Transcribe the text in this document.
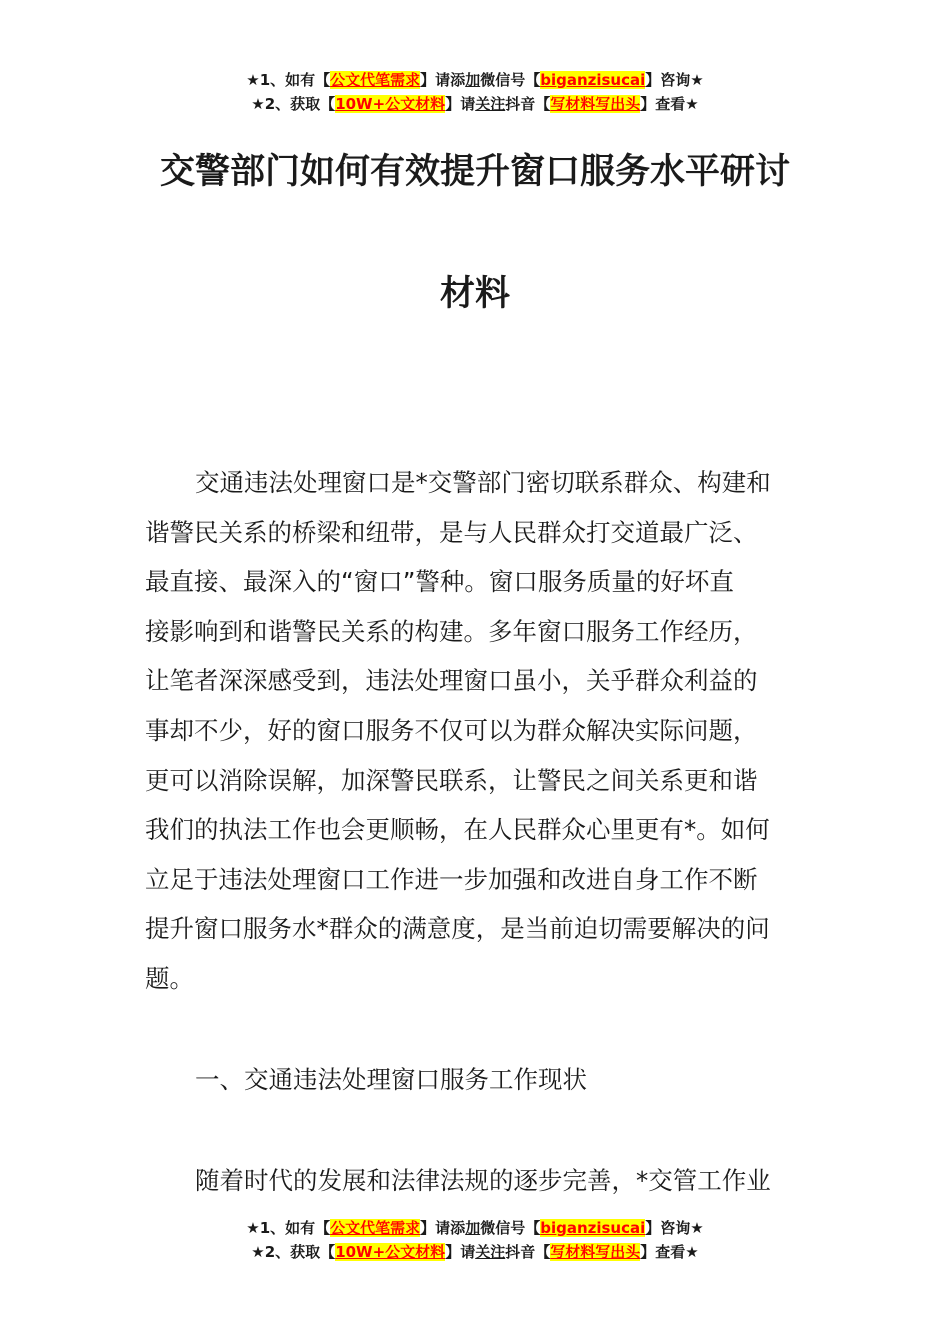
★1、如有【公文代笔需求】请添加微信号【biganzisucai】咨询★
★2、获取【10W+公文材料】请关注抖音【写材料写出头】查看★
交警部门如何有效提升窗口服务水平研讨
材料
交通违法处理窗口是*交警部门密切联系群众、构建和
谐警民关系的桥梁和纽带，是与人民群众打交道最广泛、
最直接、最深入的“窗口”警种。窗口服务质量的好坏直
接影响到和谐警民关系的构建。多年窗口服务工作经历，
让笔者深深感受到，违法处理窗口虽小，关乎群众利益的
事却不少，好的窗口服务不仅可以为群众解决实际问题，
更可以消除误解，加深警民联系，让警民之间关系更和谐
我们的执法工作也会更顺畅，在人民群众心里更有*。如何
立足于违法处理窗口工作进一步加强和改进自身工作不断
提升窗口服务水*群众的满意度，是当前迫切需要解决的问
题。
一、交通违法处理窗口服务工作现状
随着时代的发展和法律法规的逐步完善，*交管工作业
★1、如有【公文代笔需求】请添加微信号【biganzisucai】咨询★
★2、获取【10W+公文材料】请关注抖音【写材料写出头】查看★
